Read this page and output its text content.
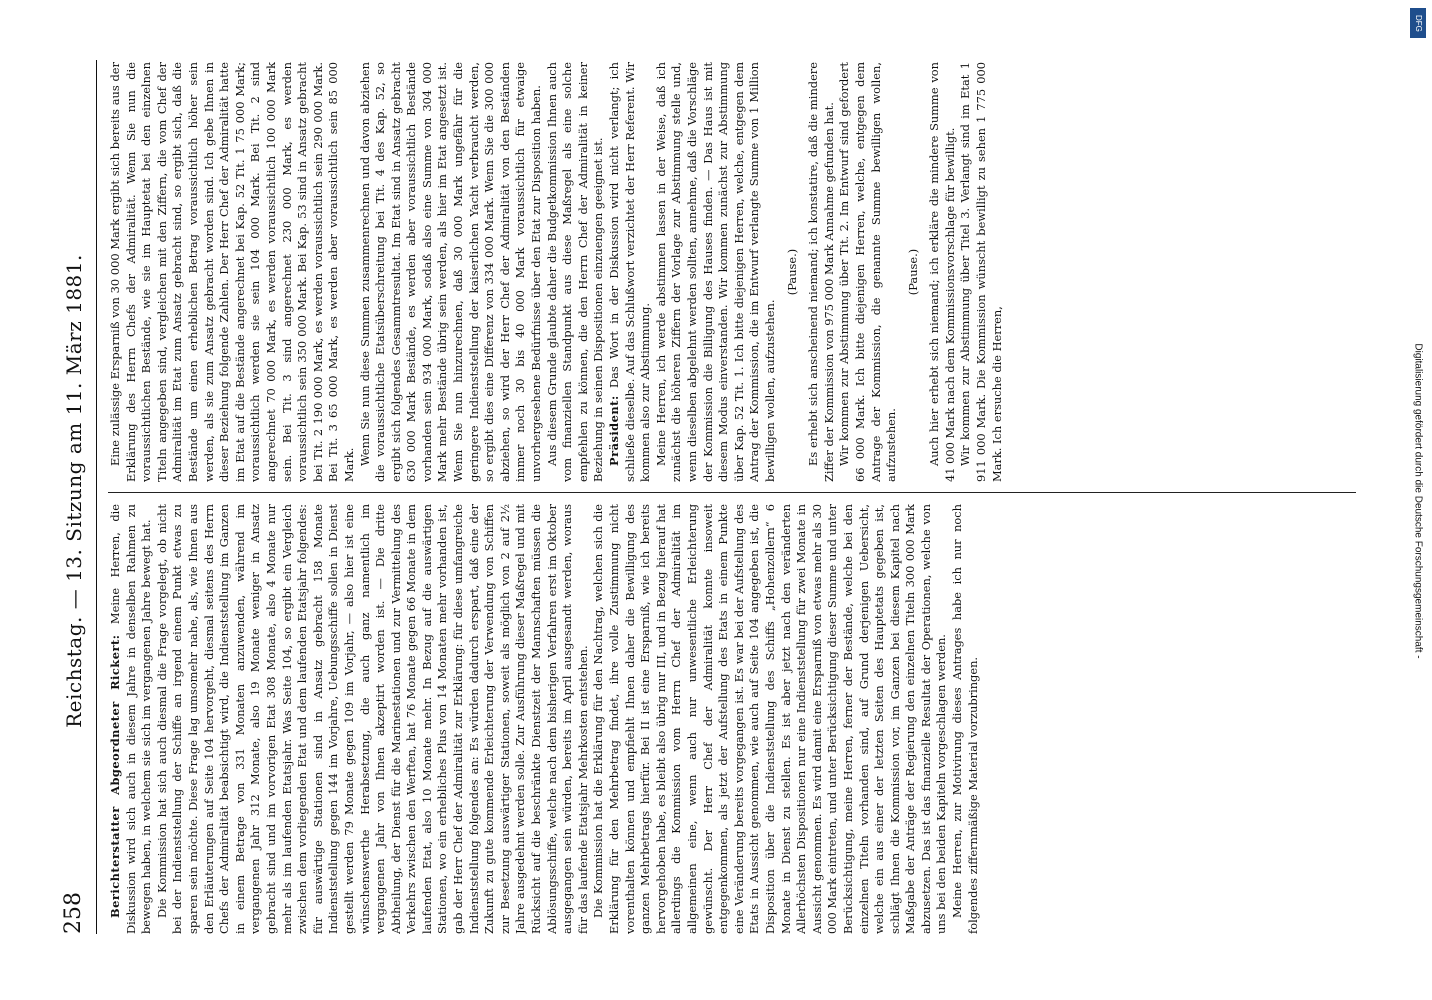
258
Reichstag. — 13. Sitzung am 11. März 1881.

Berichterstatter Abgeordneter Rickert: Meine Herren, die Diskussion wird sich auch in diesem Jahre in denselben Rahmen zu bewegen haben, in welchem sie sich im vergangenen Jahre bewegt hat. Die Kommission hat sich auch diesmal die Frage vorgelegt, ob nicht bei der Indienststellung der Schiffe an irgend einem Punkt etwas zu sparen sein möchte. Diese Frage lag umsomehr nahe, als, wie Ihnen aus den Erläuterungen auf Seite 104 hervorgeht, diesmal seitens des Herrn Chefs der Admiralität beabsichtigt wird, die Indienststellung im Ganzen in einem Betrage von 331 Monaten anzuwenden, während im vergangenen Jahr 312 Monate, also 19 Monate weniger in Ansatz gebracht sind und im vorvorigen Etat 308 Monate, also 4 Monate nur mehr als im laufenden Etatsjahr. Was Seite 104, so ergibt ein Vergleich zwischen dem vorliegenden Etat und dem laufenden Etatsjahr folgendes: für auswärtige Stationen sind in Ansatz gebracht 158 Monate Indienststellung gegen 144 im Vorjahre, Uebungsschiffe sollen in Dienst gestellt werden 79 Monate gegen 109 im Vorjahr, — also hier ist eine wünschenswerthe Herabsetzung, die auch ganz namentlich im vergangenen Jahr von Ihnen akzeptirt worden ist. — Die dritte Abtheilung, der Dienst für die Marinestationen und zur Vermittelung des Verkehrs zwischen den Werften, hat 76 Monate gegen 66 Monate in dem laufenden Etat, also 10 Monate mehr. In Bezug auf die auswärtigen Stationen, wo ein erhebliches Plus von 14 Monaten mehr vorhanden ist, gab der Herr Chef der Admiralität zur Erklärung: für diese umfangreiche Indienststellung folgendes an: Es würden dadurch erspart, daß eine der Zukunft zu gute kommende Erleichterung der Verwendung von Schiffen zur Besetzung auswärtiger Stationen, soweit als möglich von 2 auf 2½ Jahre ausgedehnt werden solle. Zur Ausführung dieser Maßregel und mit Rücksicht auf die beschränkte Dienstzeit der Mannschaften müssen die Ablösungsschiffe, welche nach dem bisherigen Verfahren erst im Oktober ausgegangen sein würden, bereits im April ausgesandt werden, woraus für das laufende Etatsjahr Mehrkosten entstehen. Die Kommission hat die Erklärung für den Nachtrag, welchen sich die Erklärung für den Mehrbetrag findet, ihre volle Zustimmung nicht vorenthalten können und empfiehlt Ihnen daher die Bewilligung des ganzen Mehrbetrags hierfür. Bei II ist eine Ersparniß, wie ich bereits hervorgehoben habe, es bleibt also übrig nur III, und in Bezug hierauf hat allerdings die Kommission vom Herrn Chef der Admiralität im allgemeinen eine, wenn auch nur unwesentliche Erleichterung gewünscht. Der Herr Chef der Admiralität konnte insoweit entgegenkommen, als jetzt der Aufstellung des Etats in einem Punkte eine Veränderung bereits vorgegangen ist. Es war bei der Aufstellung des Etats in Aussicht genommen, wie auch auf Seite 104 angegeben ist, die Disposition über die Indienststellung des Schiffs „Hohenzollern“ 6 Monate in Dienst zu stellen. Es ist aber jetzt nach den veränderten Allerhöchsten Dispositionen nur eine Indienststellung für zwei Monate in Aussicht genommen. Es wird damit eine Ersparniß von etwas mehr als 30 000 Mark eintreten, und unter Berücksichtigung dieser Summe und unter Berücksichtigung, meine Herren, ferner der Bestände, welche bei den einzelnen Titeln vorhanden sind, auf Grund derjenigen Uebersicht, welche ein aus einer der letzten Seiten des Hauptetats gegeben ist, schlägt Ihnen die Kommission vor, im Ganzen bei diesem Kapitel nach Maßgabe der Anträge der Regierung den einzelnen Titeln 300 000 Mark abzusetzen. Das ist das finanzielle Resultat der Operationen, welche von uns bei den beiden Kapiteln vorgeschlagen werden. Meine Herren, zur Motivirung dieses Antrages habe ich nur noch folgendes ziffernmäßige Material vorzubringen.

Eine zulässige Ersparniß von 30 000 Mark ergibt sich bereits aus der Erklärung des Herrn Chefs der Admiralität. Wenn Sie nun die voraussichtlichen Bestände, wie sie im Hauptetat bei den einzelnen Titeln angegeben sind, vergleichen mit den Ziffern, die vom Chef der Admiralität im Etat zum Ansatz gebracht sind, so ergibt sich, daß die Bestände um einen erheblichen Betrag voraussichtlich höher sein werden, als sie zum Ansatz gebracht worden sind. Ich gebe Ihnen in dieser Beziehung folgende Zahlen. Der Herr Chef der Admiralität hatte im Etat auf die Bestände angerechnet bei Kap. 52 Tit. 1 75 000 Mark; voraussichtlich werden sie sein 104 000 Mark. Bei Tit. 2 sind angerechnet 70 000 Mark, es werden voraussichtlich 100 000 Mark sein. Bei Tit. 3 sind angerechnet 230 000 Mark, es werden voraussichtlich sein 350 000 Mark. Bei Kap. 53 sind in Ansatz gebracht bei Tit. 2 190 000 Mark, es werden voraussichtlich sein 290 000 Mark. Bei Tit. 3 65 000 Mark, es werden aber voraussichtlich sein 85 000 Mark. Wenn Sie nun diese Summen zusammenrechnen und davon abziehen die voraussichtliche Etatsüberschreitung bei Tit. 4 des Kap. 52, so ergibt sich folgendes Gesammtresultat. Im Etat sind in Ansatz gebracht 630 000 Mark Bestände, es werden aber voraussichtlich Bestände vorhanden sein 934 000 Mark, sodaß also eine Summe von 304 000 Mark mehr Bestände übrig sein werden, als hier im Etat angesetzt ist. Wenn Sie nun hinzurechnen, daß 30 000 Mark ungefähr für die geringere Indienststellung der kaiserlichen Yacht verbraucht werden, so ergibt dies eine Differenz von 334 000 Mark. Wenn Sie die 300 000 abziehen, so wird der Herr Chef der Admiralität von den Beständen immer noch 30 bis 40 000 Mark voraussichtlich für etwaige unvorhergesehene Bedürfnisse über den Etat zur Disposition haben. Aus diesem Grunde glaubte daher die Budgetkommission Ihnen auch vom finanziellen Standpunkt aus diese Maßregel als eine solche empfehlen zu können, die den Herrn Chef der Admiralität in keiner Beziehung in seinen Dispositionen einzuengen geeignet ist. Präsident: Das Wort in der Diskussion wird nicht verlangt; ich schließe dieselbe. Auf das Schlußwort verzichtet der Herr Referent. Wir kommen also zur Abstimmung. Meine Herren, ich werde abstimmen lassen in der Weise, daß ich zunächst die höheren Ziffern der Vorlage zur Abstimmung stelle und, wenn dieselben abgelehnt werden sollten, annehme, daß die Vorschläge der Kommission die Billigung des Hauses finden. — Das Haus ist mit diesem Modus einverstanden. Wir kommen zunächst zur Abstimmung über Kap. 52 Tit. 1. Ich bitte diejenigen Herren, welche, entgegen dem Antrag der Kommission, die im Entwurf verlangte Summe von 1 Million bewilligen wollen, aufzustehen.

(Pause.) Es erhebt sich anscheinend niemand; ich konstatire, daß die mindere Ziffer der Kommission von 975 000 Mark Annahme gefunden hat. Wir kommen zur Abstimmung über Tit. 2. Im Entwurf sind gefordert 66 000 Mark. Ich bitte diejenigen Herren, welche, entgegen dem Antrage der Kommission, die genannte Summe bewilligen wollen, aufzustehen.

(Pause.) Auch hier erhebt sich niemand; ich erkläre die mindere Summe von 41 000 Mark nach dem Kommissionsvorschlage für bewilligt. Wir kommen zur Abstimmung über Titel 3. Verlangt sind im Etat 1 911 000 Mark. Die Kommission wünscht bewilligt zu sehen 1 775 000 Mark. Ich ersuche die Herren,

DFG
Digitalisierung gefördert durch die Deutsche Forschungsgemeinschaft -
